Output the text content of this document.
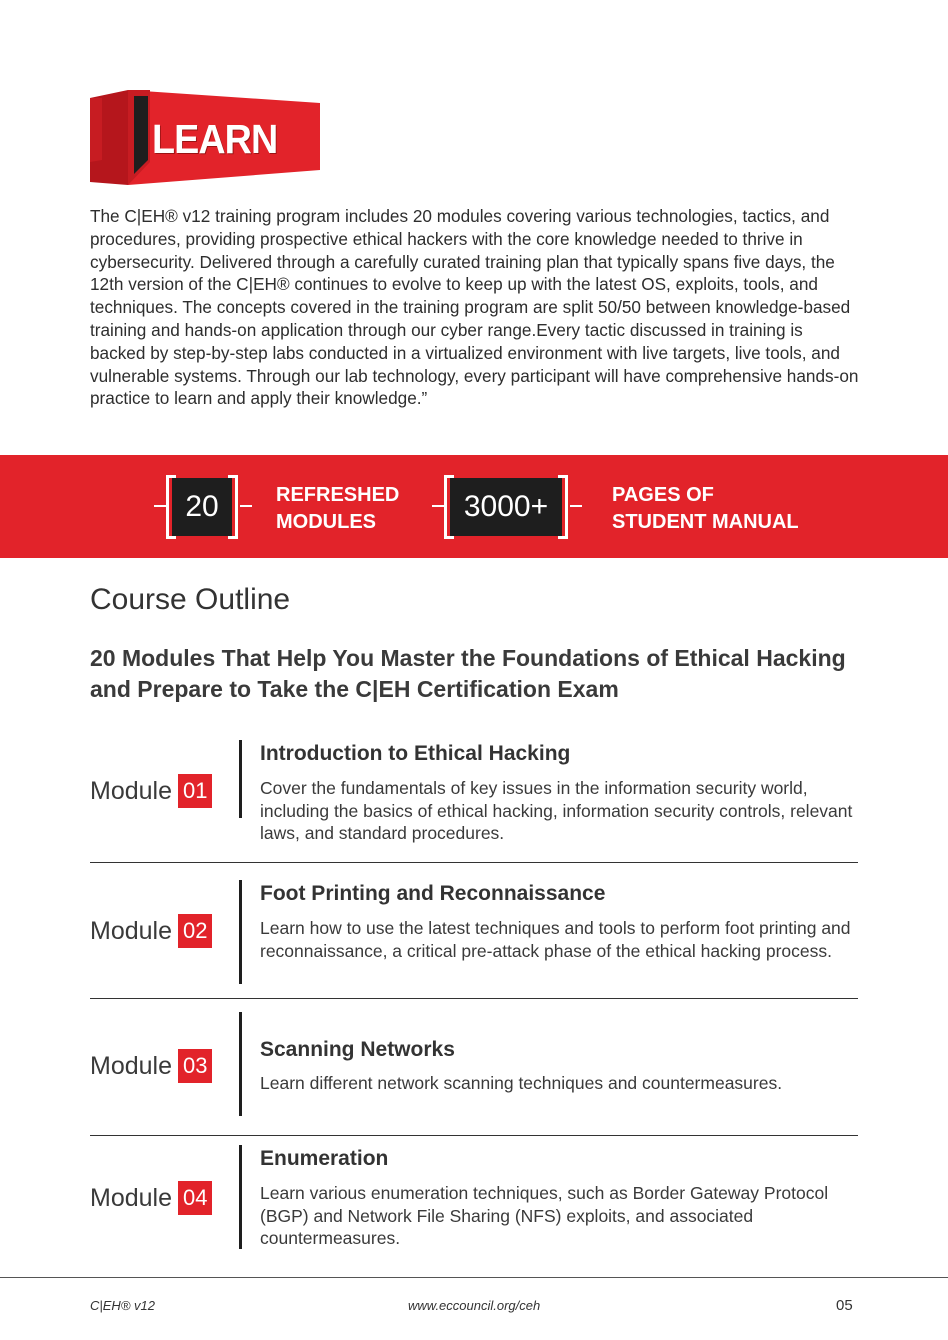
LEARN

The C|EH® v12 training program includes 20 modules covering various technologies, tactics, and procedures, providing prospective ethical hackers with the core knowledge needed to thrive in cybersecurity. Delivered through a carefully curated training plan that typically spans five days, the 12th version of the C|EH® continues to evolve to keep up with the latest OS, exploits, tools, and techniques. The concepts covered in the training program are split 50/50 between knowledge-based training and hands-on application through our cyber range.Every tactic discussed in training is backed by step-by-step labs conducted in a virtualized environment with live targets, live tools, and vulnerable systems. Through our lab technology, every participant will have comprehensive hands-on practice to learn and apply their knowledge.”

20	REFRESHED
MODULES	3000+	PAGES OF
STUDENT MANUAL
Course Outline
20 Modules That Help You Master the Foundations of Ethical Hacking and Prepare to Take the C|EH Certification Exam
Module 01
Introduction to Ethical Hacking
Cover the fundamentals of key issues in the information security world, including the basics of ethical hacking, information security controls, relevant laws, and standard procedures.
Module 02
Foot Printing and Reconnaissance
Learn how to use the latest techniques and tools to perform foot printing and reconnaissance, a critical pre-attack phase of the ethical hacking process.
Module 03
Scanning Networks
Learn different network scanning techniques and countermeasures.
Module 04
Enumeration
Learn various enumeration techniques, such as Border Gateway Protocol (BGP) and Network File Sharing (NFS) exploits, and associated countermeasures.
C|EH® v12	www.eccouncil.org/ceh	05
